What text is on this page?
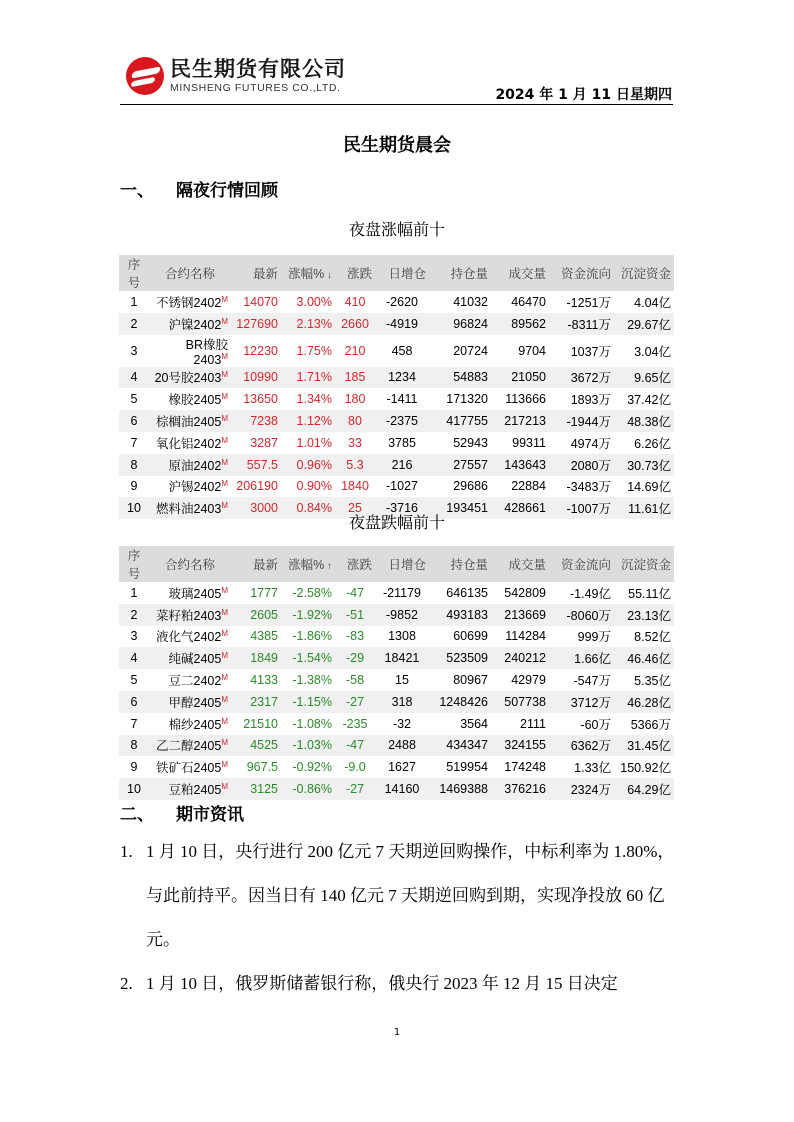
民生期货有限公司
MINSHENG FUTURES CO.,LTD.	2024 年 1 月 11 日星期四
民生期货晨会
一、 隔夜行情回顾
夜盘涨幅前十
序号	合约名称	最新	涨幅% ↓	涨跌	日增仓	持仓量	成交量	资金流向	沉淀资金
1	不锈钢$2402^M$	14070	3.00%	410	-2620	41032	46470	-1251万	4.04亿
2	沪镍$2402^M$	127690	2.13%	2660	-4919	96824	89562	-8311万	29.67亿
3	BR橡胶$2403^M$	12230	1.75%	210	458	20724	9704	1037万	3.04亿
4	20号胶$2403^M$	10990	1.71%	185	1234	54883	21050	3672万	9.65亿
5	橡胶$2405^M$	13650	1.34%	180	-1411	171320	113666	1893万	37.42亿
6	棕榈油$2405^M$	7238	1.12%	80	-2375	417755	217213	-1944万	48.38亿
7	氧化铝$2402^M$	3287	1.01%	33	3785	52943	99311	4974万	6.26亿
8	原油$2402^M$	557.5	0.96%	5.3	216	27557	143643	2080万	30.73亿
9	沪锡$2402^M$	206190	0.90%	1840	-1027	29686	22884	-3483万	14.69亿
10	燃料油$2403^M$	3000	0.84%	25	-3716	193451	428661	-1007万	11.61亿
夜盘跌幅前十
序号	合约名称	最新	涨幅% ↑	涨跌	日增仓	持仓量	成交量	资金流向	沉淀资金
1	玻璃$2405^M$	1777	-2.58%	-47	-21179	646135	542809	-1.49亿	55.11亿
2	菜籽粕$2403^M$	2605	-1.92%	-51	-9852	493183	213669	-8060万	23.13亿
3	液化气$2402^M$	4385	-1.86%	-83	1308	60699	114284	999万	8.52亿
4	纯碱$2405^M$	1849	-1.54%	-29	18421	523509	240212	1.66亿	46.46亿
5	豆二$2402^M$	4133	-1.38%	-58	15	80967	42979	-547万	5.35亿
6	甲醇$2405^M$	2317	-1.15%	-27	318	1248426	507738	3712万	46.28亿
7	棉纱$2405^M$	21510	-1.08%	-235	-32	3564	2111	-60万	5366万
8	乙二醇$2405^M$	4525	-1.03%	-47	2488	434347	324155	6362万	31.45亿
9	铁矿石$2405^M$	967.5	-0.92%	-9.0	1627	519954	174248	1.33亿	150.92亿
10	豆粕$2405^M$	3125	-0.86%	-27	14160	1469388	376216	2324万	64.29亿
二、 期市资讯
1. 1 月 10 日，央行进行 200 亿元 7 天期逆回购操作，中标利率为 1.80%，与此前持平。因当日有 140 亿元 7 天期逆回购到期，实现净投放 60 亿元。
2. 1 月 10 日，俄罗斯储蓄银行称，俄央行 2023 年 12 月 15 日决定
1
